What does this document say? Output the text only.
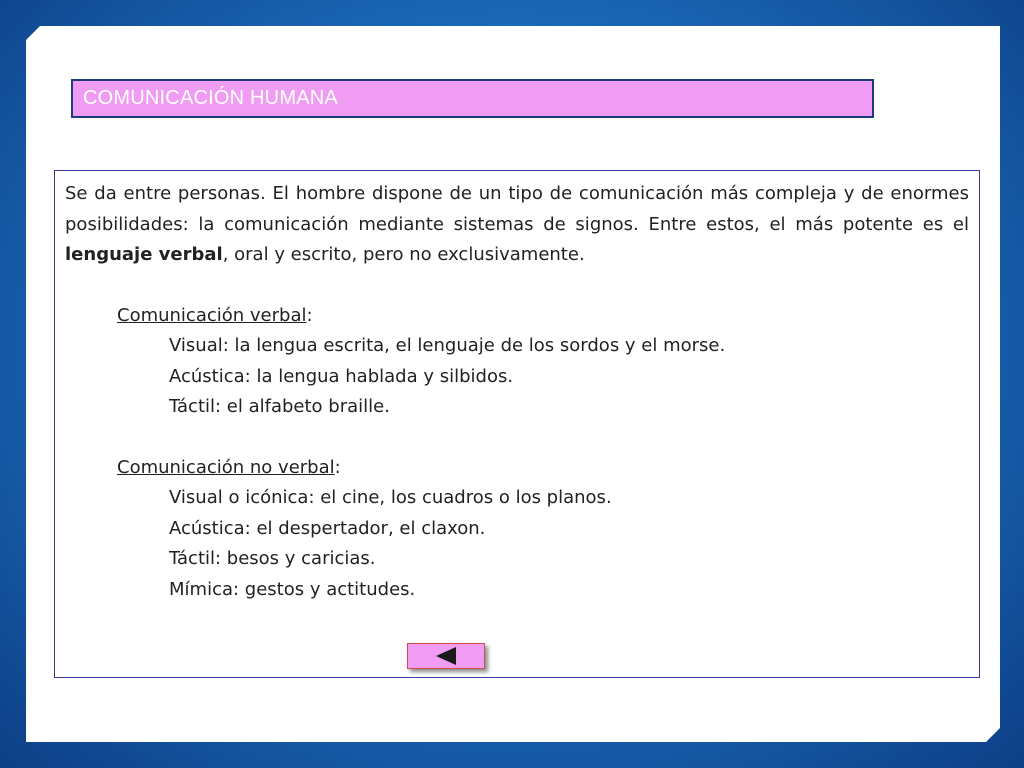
COMUNICACIÓN HUMANA

Se da entre personas. El hombre dispone de un tipo de comunicación más compleja y de enormes posibilidades: la comunicación mediante sistemas de signos. Entre estos, el más potente es el lenguaje verbal, oral y escrito, pero no exclusivamente.

Comunicación verbal:

Visual: la lengua escrita, el lenguaje de los sordos y el morse.

Acústica: la lengua hablada y silbidos.

Táctil: el alfabeto braille.

Comunicación no verbal:

Visual o icónica: el cine, los cuadros o los planos.

Acústica: el despertador, el claxon.

Táctil: besos y caricias.

Mímica: gestos y actitudes.
